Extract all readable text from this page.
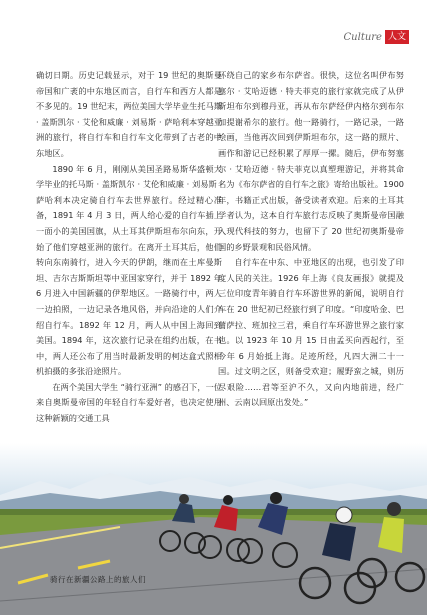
Culture 人文

确切日期。历史记载显示，对于 19 世纪的奥斯曼帝国和广袤的中东地区而言，自行车和西方人都是不多见的。19 世纪末，两位美国大学毕业生托马斯 · 盖斯凯尔 · 艾伦和威廉 · 刘易斯 · 萨哈利本穿越亚洲的旅行，将自行车和自行车文化带到了古老的中东地区。

1890 年 6 月，刚刚从美国圣路易斯华盛顿大学毕业的托马斯 · 盖斯凯尔 · 艾伦和威廉 · 刘易斯 · 萨哈利本决定骑自行车去世界旅行。经过精心准备，1891 年 4 月 3 日，两人给心爱的自行车插上一面小的美国国旗，从土耳其伊斯坦布尔向东，开始了他们穿越亚洲的旅行。在离开土耳其后，他们转向东南骑行，进入今天的伊朗，继而在土库曼斯坦、吉尔吉斯斯坦等中亚国家穿行，并于 1892 年 6 月进入中国新疆的伊犁地区。一路骑行中，两人一边拍照，一边记录各地风俗，并向沿途的人们介绍自行车。1892 年 12 月，两人从中国上海回到美国。1894 年，这次旅行记录在组约出版，在书中，两人还公布了用当时最新发明的柯达盒式照相机拍摄的多张沿途照片。

在两个美国大学生 “骑行亚洲” 的感召下，一位来自奥斯曼帝国的年轻自行车爱好者，也决定使用这种新颖的交通工具

环绕自己的家乡布尔萨省。很快，这位名叫伊布努塞尔 · 艾哈迈德 · 特夫菲克的旅行家就完成了从伊斯坦布尔到穆丹亚，再从布尔萨经伊内格尔到布尔加提谢希尔的旅行。他一路骑行，一路记录，一路绘画，当他再次回到伊斯坦布尔，这一路的照片、画作和游记已经积累了厚厚一摞。随后，伊布努塞尔 · 艾哈迈德 · 特夫菲克以真塑理游记，并将其命名为《布尔萨省的自行车之旅》寄给出版社。1900 年，书籍正式出版，备受读者欢迎。后来的土耳其学者认为，这本自行车旅行志反映了奥斯曼帝国融入现代科技的努力，也留下了 20 世纪初奥斯曼帝国的乡野景观和民俗风情。

自行车在中东、中亚地区的出现，也引发了印度人民的关注。1926 年上海《良友画报》就提及三位印度青年骑自行车环游世界的新闻，说明自行车在 20 世纪初已经旅行到了印度。“印度哈金、巴蒲萨拉、班加拉三君，乘自行车环游世界之旅行家也。以 1923 年 10 月 15 日由孟买向西起行，至今年 6 月始抵上海。足迹所经，凡四大洲二十一国。过文明之区，则备受欢迎；履野蛮之城，则历尽艰险……君等至沪不久，又向内地前进，经广州、云南以回原出发处。”

骑行在新疆公路上的旅人们
